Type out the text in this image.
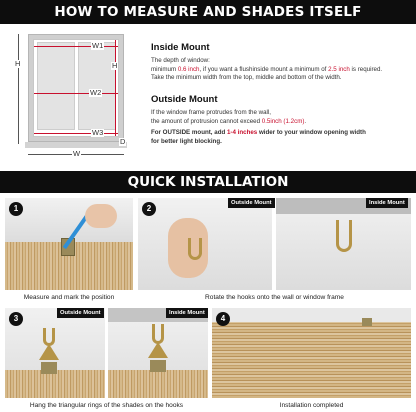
HOW TO MEASURE AND SHADES ITSELF
W1
W2
W3
H
H
W
D
Inside Mount
The depth of window:
minimum 0.6 inch, if you want a flushinside mount a minimum of 2.5 inch is required.
Take the minimum width from the top, middle and bottom of the width.
Outside Mount
If the window frame protrudes from the wall,
the amount of protrusion cannot exceed 0.5inch (1.2cm).
For OUTSIDE mount, add 1-4 inches wider to your window opening width
for better light blocking.
QUICK INSTALLATION
1
Measure and mark the position
2
Outside Mount	Inside Mount
Rotate the hooks onto the wall or window frame
3
Outside Mount	Inside Mount
Hang the triangular rings of the shades on the hooks
4
Installation completed
